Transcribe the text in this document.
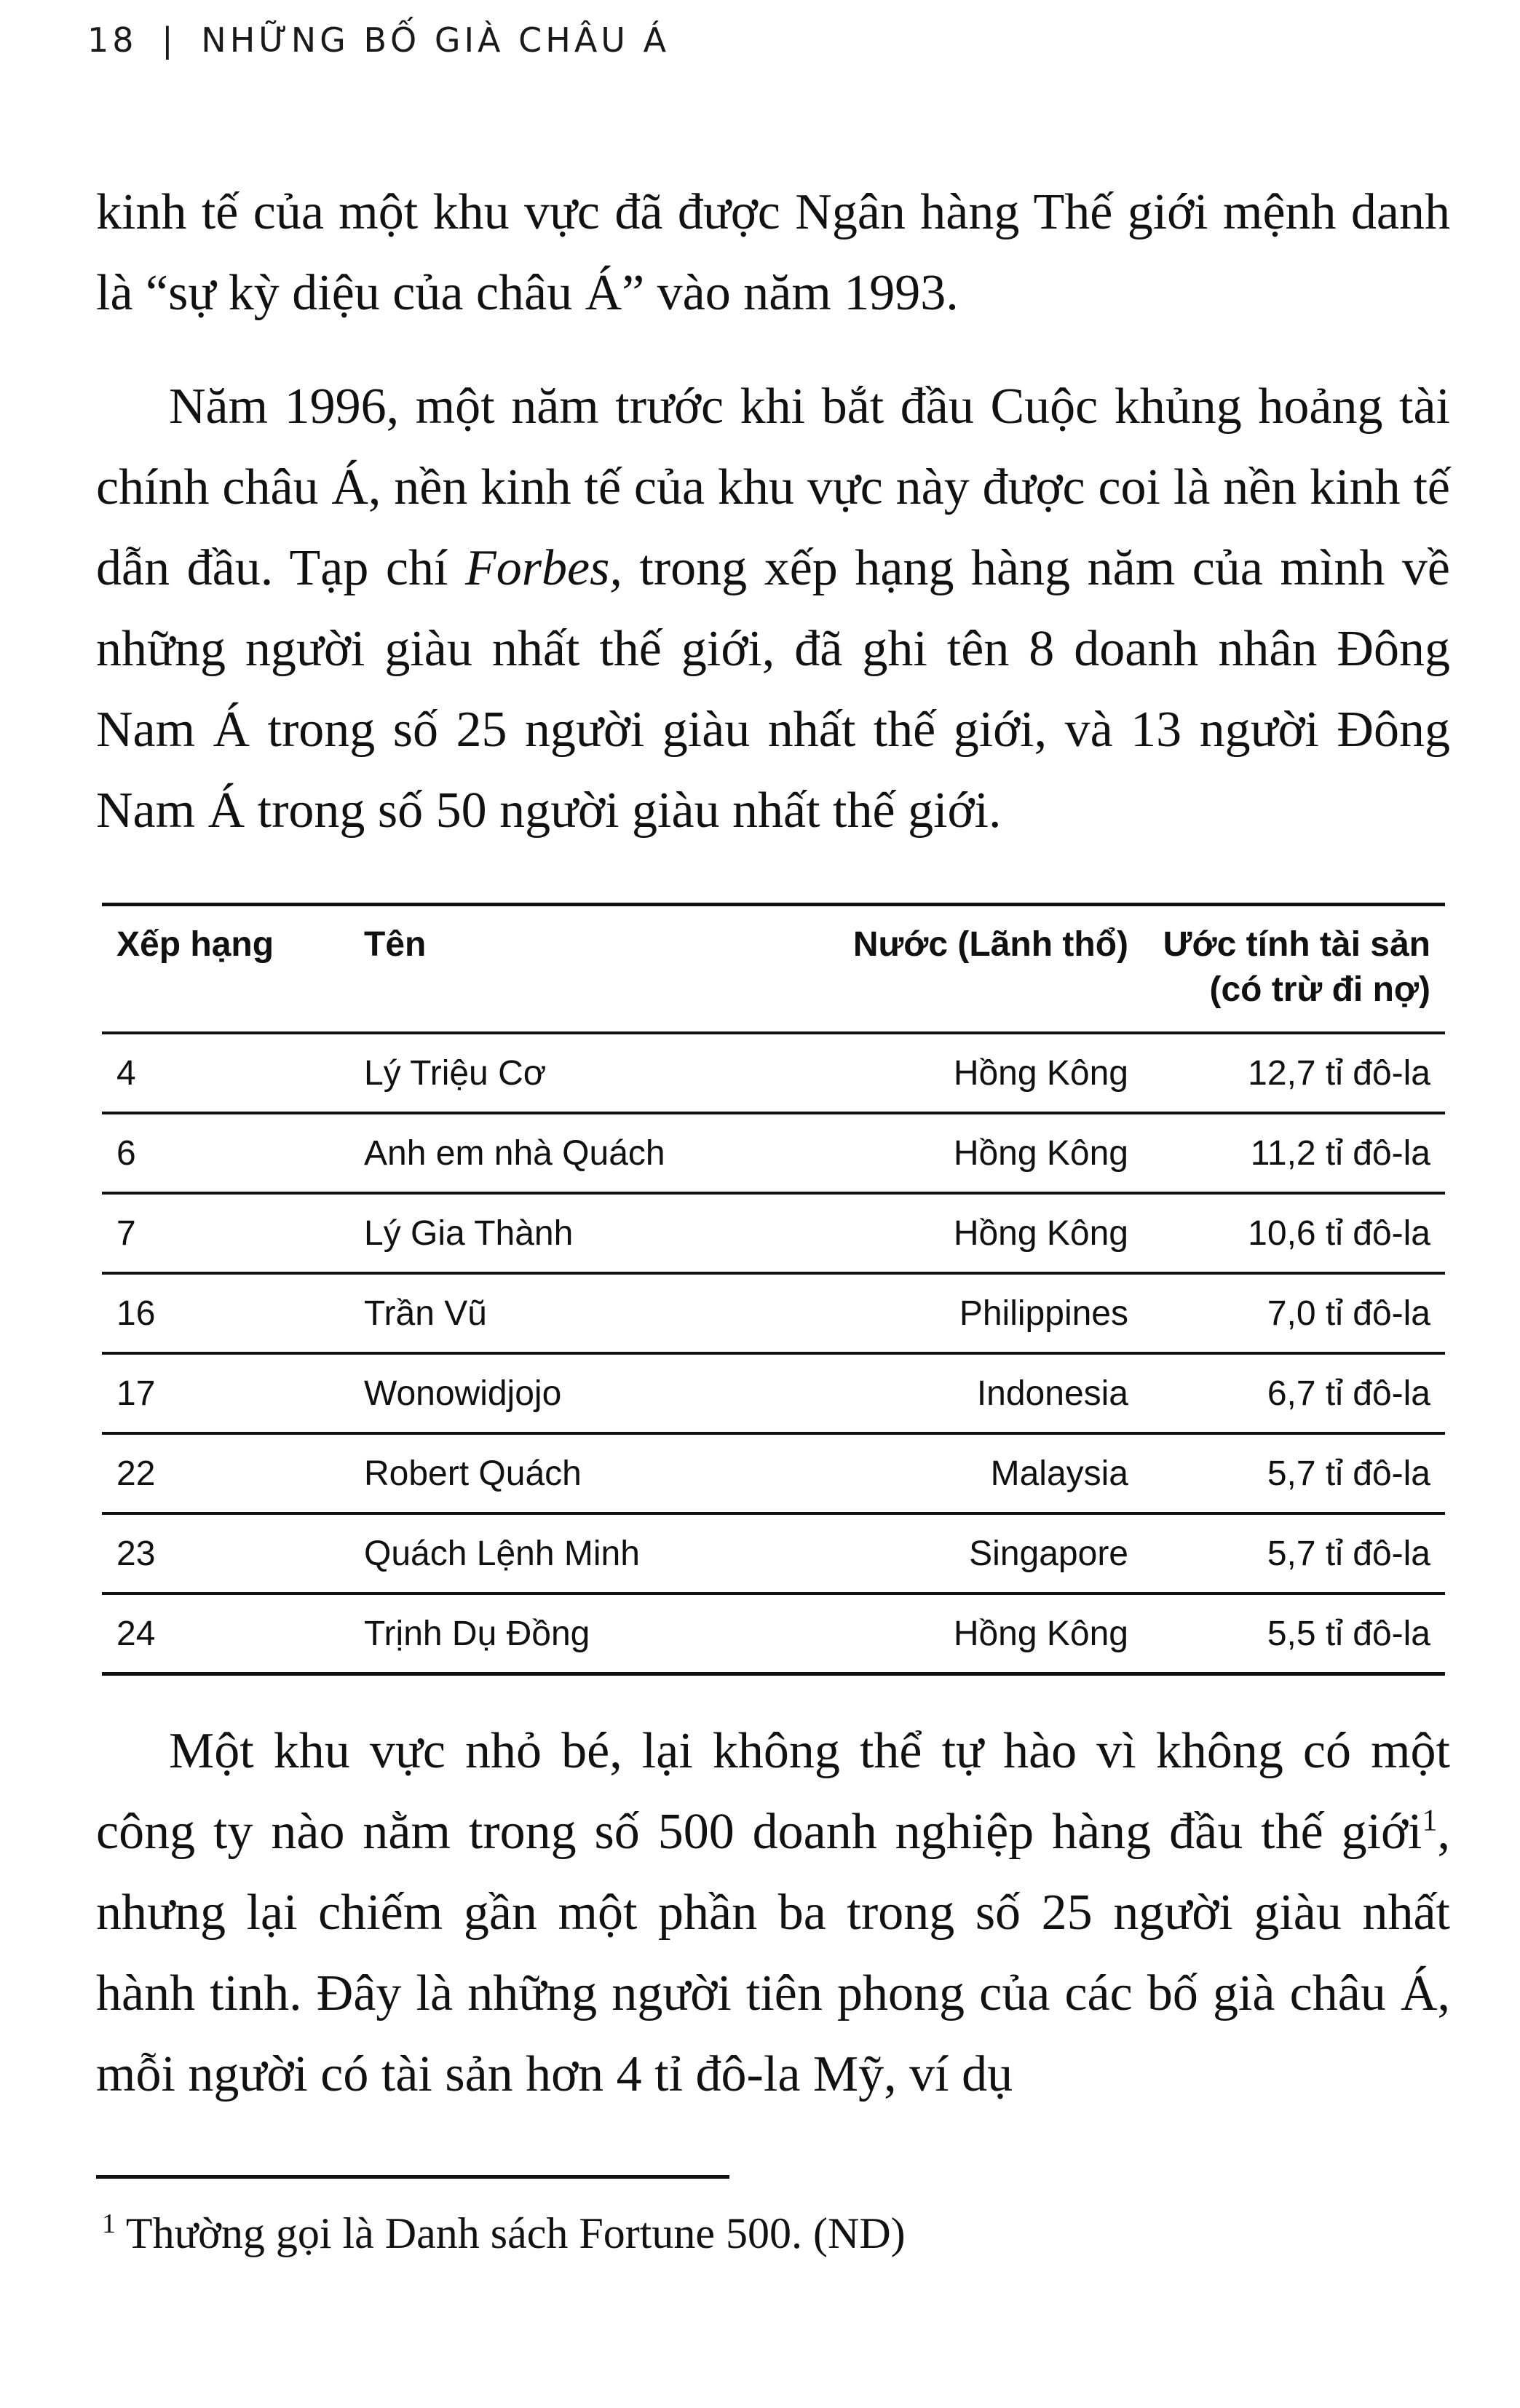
18 | NHỮNG BỐ GIÀ CHÂU Á

kinh tế của một khu vực đã được Ngân hàng Thế giới mệnh danh là “sự kỳ diệu của châu Á” vào năm 1993.

Năm 1996, một năm trước khi bắt đầu Cuộc khủng hoảng tài chính châu Á, nền kinh tế của khu vực này được coi là nền kinh tế dẫn đầu. Tạp chí Forbes, trong xếp hạng hàng năm của mình về những người giàu nhất thế giới, đã ghi tên 8 doanh nhân Đông Nam Á trong số 25 người giàu nhất thế giới, và 13 người Đông Nam Á trong số 50 người giàu nhất thế giới.

Xếp hạng	Tên	Nước (Lãnh thổ)	Ước tính tài sản
(có trừ đi nợ)
4	Lý Triệu Cơ	Hồng Kông	12,7 tỉ đô-la
6	Anh em nhà Quách	Hồng Kông	11,2 tỉ đô-la
7	Lý Gia Thành	Hồng Kông	10,6 tỉ đô-la
16	Trần Vũ	Philippines	7,0 tỉ đô-la
17	Wonowidjojo	Indonesia	6,7 tỉ đô-la
22	Robert Quách	Malaysia	5,7 tỉ đô-la
23	Quách Lệnh Minh	Singapore	5,7 tỉ đô-la
24	Trịnh Dụ Đồng	Hồng Kông	5,5 tỉ đô-la

Một khu vực nhỏ bé, lại không thể tự hào vì không có một công ty nào nằm trong số 500 doanh nghiệp hàng đầu thế giới$^1$, nhưng lại chiếm gần một phần ba trong số 25 người giàu nhất hành tinh. Đây là những người tiên phong của các bố già châu Á, mỗi người có tài sản hơn 4 tỉ đô-la Mỹ, ví dụ

$^1$ Thường gọi là Danh sách Fortune 500. (ND)
